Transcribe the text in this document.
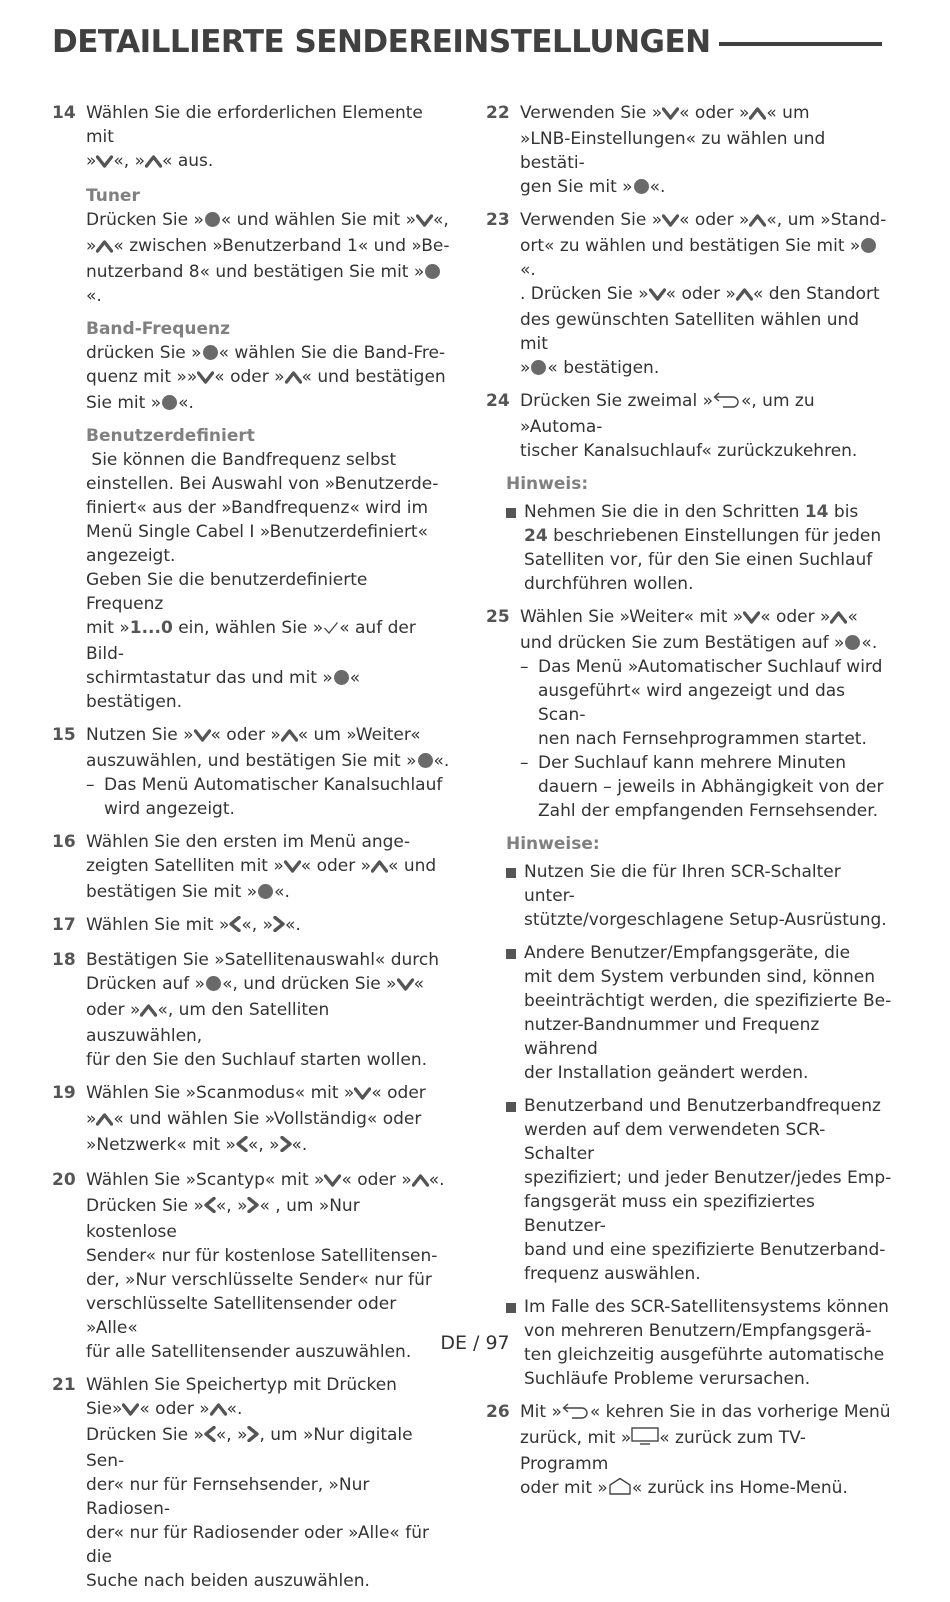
DETAILLIERTE SENDEREINSTELLUNGEN
14 Wählen Sie die erforderlichen Elemente mit
» «, » « aus.

Tuner

Drücken Sie » « und wählen Sie mit » «,
» « zwischen »Benutzerband 1« und »Be-
nutzerband 8« und bestätigen Sie mit »«.

Band-Frequenz

drücken Sie » « wählen Sie die Band-Fre-
quenz mit »» « oder » « und bestätigen
Sie mit » «.

Benutzerdefiniert

Sie können die Bandfrequenz selbst

einstellen. Bei Auswahl von »Benutzerde-
finiert« aus der »Bandfrequenz« wird im
Menü Single Cabel I »Benutzerdefiniert«
angezeigt.
Geben Sie die benutzerdefinierte Frequenz
mit »1...0 ein, wählen Sie » « auf der Bild-
schirmtastatur das und mit » « bestätigen.

15 Nutzen Sie » « oder » « um »Weiter«
auszuwählen, und bestätigen Sie mit » «.

– Das Menü Automatischer Kanalsuchlauf
wird angezeigt.
16 Wählen Sie den ersten im Menü ange-
zeigten Satelliten mit » « oder » « und
bestätigen Sie mit » «.

17 Wählen Sie mit » «, » «.

18 Bestätigen Sie »Satellitenauswahl« durch
Drücken auf » «, und drücken Sie » «
oder » «, um den Satelliten auszuwählen,
für den Sie den Suchlauf starten wollen.

19 Wählen Sie »Scanmodus« mit » « oder
» « und wählen Sie »Vollständig« oder
»Netzwerk« mit » «, » «.

20 Wählen Sie »Scantyp« mit » « oder » «.
Drücken Sie » «, » « , um »Nur kostenlose
Sender« nur für kostenlose Satellitensen-
der, »Nur verschlüsselte Sender« nur für
verschlüsselte Satellitensender oder »Alle«
für alle Satellitensender auszuwählen.

21 Wählen Sie Speichertyp mit Drücken
Sie» « oder » «.
Drücken Sie » «, » , um »Nur digitale Sen-
der« nur für Fernsehsender, »Nur Radiosen-
der« nur für Radiosender oder »Alle« für die
Suche nach beiden auszuwählen.

22 Verwenden Sie » « oder » « um
»LNB-Einstellungen« zu wählen und bestäti-
gen Sie mit » «.

23 Verwenden Sie » « oder » «, um »Stand-
ort« zu wählen und bestätigen Sie mit »«.
. Drücken Sie » « oder » « den Standort
des gewünschten Satelliten wählen und mit
» « bestätigen.

24 Drücken Sie zweimal » «, um zu »Automa-
tischer Kanalsuchlauf« zurückzukehren.

Hinweis:
Nehmen Sie die in den Schritten 14 bis
24 beschriebenen Einstellungen für jeden
Satelliten vor, für den Sie einen Suchlauf
durchführen wollen.
25 Wählen Sie »Weiter« mit » « oder » «
und drücken Sie zum Bestätigen auf » «.

– Das Menü »Automatischer Suchlauf wird
ausgeführt« wird angezeigt und das Scan-
nen nach Fernsehprogrammen startet.
– Der Suchlauf kann mehrere Minuten
dauern – jeweils in Abhängigkeit von der
Zahl der empfangenden Fernsehsender.
Hinweise:
Nutzen Sie die für Ihren SCR-Schalter unter-
stützte/vorgeschlagene Setup-Ausrüstung.
Andere Benutzer/Empfangsgeräte, die
mit dem System verbunden sind, können
beeinträchtigt werden, die spezifizierte Be-
nutzer-Bandnummer und Frequenz während
der Installation geändert werden.
Benutzerband und Benutzerbandfrequenz
werden auf dem verwendeten SCR-Schalter
spezifiziert; und jeder Benutzer/jedes Emp-
fangsgerät muss ein spezifiziertes Benutzer-
band und eine spezifizierte Benutzerband-
frequenz auswählen.
Im Falle des SCR-Satellitensystems können
von mehreren Benutzern/Empfangsgerä-
ten gleichzeitig ausgeführte automatische
Suchläufe Probleme verursachen.
26 Mit » « kehren Sie in das vorherige Menü
zurück, mit » « zurück zum TV-Programm
oder mit » « zurück ins Home-Menü.

DE / 97
